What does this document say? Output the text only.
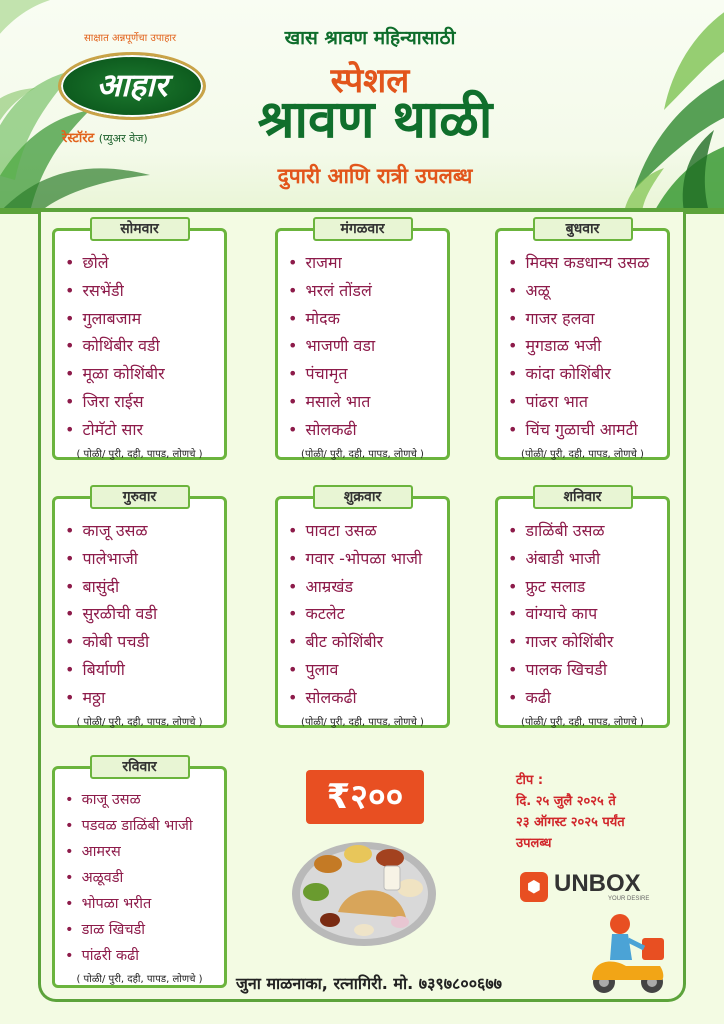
साक्षात अन्नपूर्णेचा उपाहार
आहार
रेस्टॉरंट (प्युअर वेज)
खास श्रावण महिन्यासाठी
स्पेशल
श्रावण थाळी
दुपारी आणि रात्री उपलब्ध
सोमवार
• छोले
• रसभेंडी
• गुलाबजाम
• कोथिंबीर वडी
• मूळा कोशिंबीर
• जिरा राईस
• टोमॅटो सार
( पोळी/ पुरी, दही, पापड, लोणचे )
मंगळवार
• राजमा
• भरलं तोंडलं
• मोदक
• भाजणी वडा
• पंचामृत
• मसाले भात
• सोलकढी
(पोळी/ पुरी, दही, पापड, लोणचे )
बुधवार
• मिक्स कडधान्य उसळ
• अळू
• गाजर हलवा
• मुगडाळ भजी
• कांदा कोशिंबीर
• पांढरा भात
• चिंच गुळाची आमटी
(पोळी/ पुरी, दही, पापड, लोणचे )
गुरुवार
• काजू उसळ
• पालेभाजी
• बासुंदी
• सुरळीची वडी
• कोबी पचडी
• बिर्याणी
• मठ्ठा
( पोळी/ पुरी, दही, पापड, लोणचे )
शुक्रवार
• पावटा उसळ
• गवार -भोपळा भाजी
• आम्रखंड
• कटलेट
• बीट कोशिंबीर
• पुलाव
• सोलकढी
(पोळी/ पुरी, दही, पापड, लोणचे )
शनिवार
• डाळिंबी उसळ
• अंबाडी भाजी
• फ्रुट सलाड
• वांग्याचे काप
• गाजर कोशिंबीर
• पालक खिचडी
• कढी
(पोळी/ पुरी, दही, पापड, लोणचे )
रविवार
• काजू उसळ
• पडवळ डाळिंबी भाजी
• आमरस
• अळूवडी
• भोपळा भरीत
• डाळ खिचडी
• पांढरी कढी
( पोळी/ पुरी, दही, पापड, लोणचे )
₹२००	टीप :
दि. २५ जुलै २०२५ ते
२३ ऑगस्ट २०२५ पर्यंत
उपलब्ध
⬢ UNBOX
YOUR DESIRE
जुना माळनाका, रत्नागिरी. मो. ७३९७८००६७७
